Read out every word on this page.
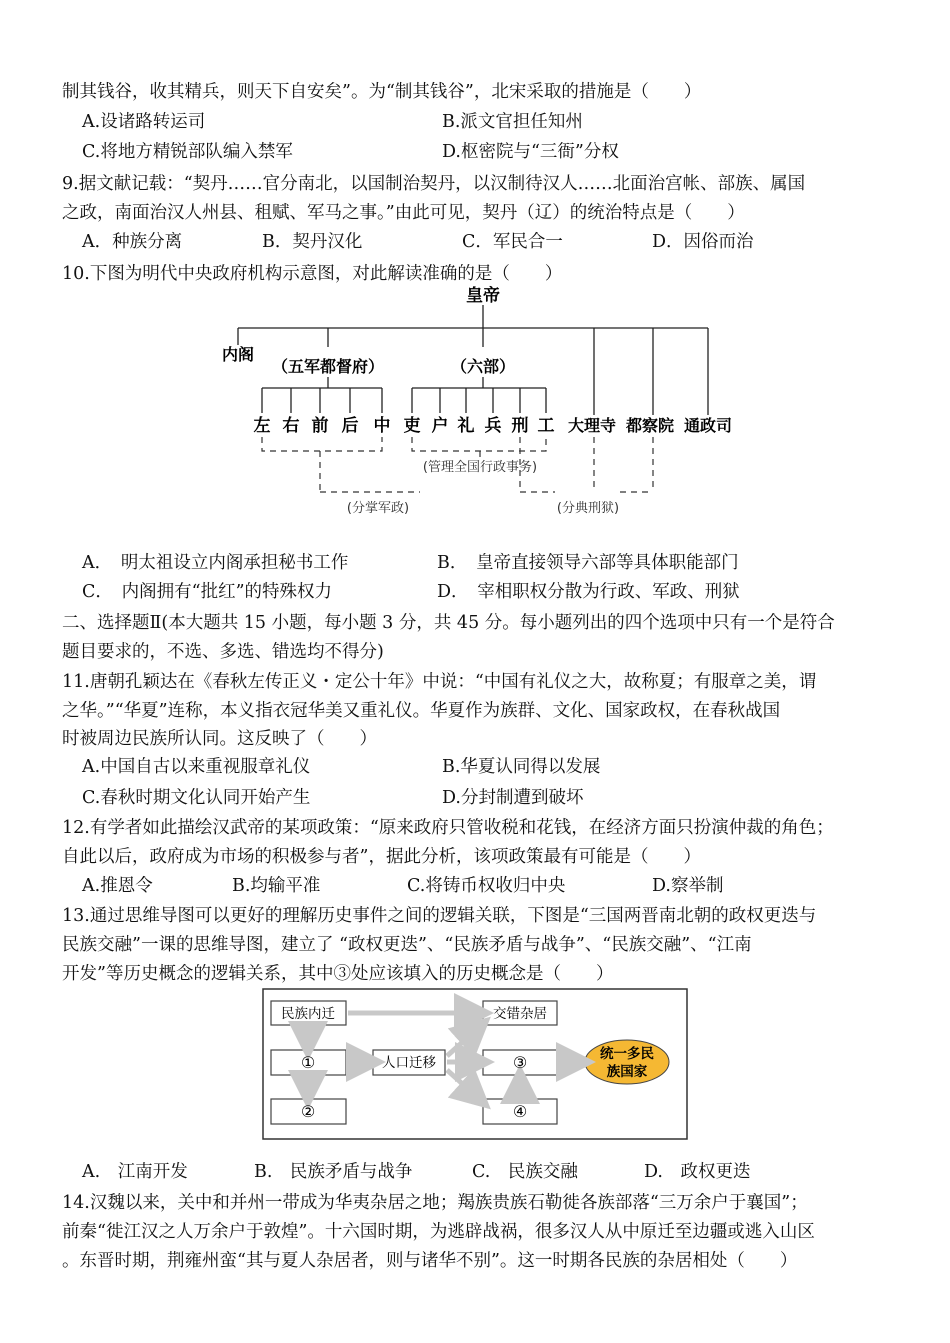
制其钱谷，收其精兵，则天下自安矣”。为“制其钱谷”，北宋采取的措施是（　　）
A.设诸路转运司	B.派文官担任知州
C.将地方精锐部队编入禁军	D.枢密院与“三衙”分权
9.据文献记载：“契丹……官分南北，以国制治契丹，以汉制待汉人……北面治宫帐、部族、属国
之政，南面治汉人州县、租赋、军马之事。”由此可见，契丹（辽）的统治特点是（　　）
A．种族分离	B．契丹汉化	C．军民合一	D．因俗而治
10.下图为明代中央政府机构示意图，对此解读准确的是（　　）
皇帝
内阁
（五军都督府）	（六部）
左 右 前 后 中 吏 户 礼 兵 刑 工 大理寺 都察院 通政司
(管理全国行政事务)
(分掌军政)	(分典刑狱)
A．　明太祖设立内阁承担秘书工作	B．　皇帝直接领导六部等具体职能部门
C．　内阁拥有“批红”的特殊权力	D．　宰相职权分散为行政、军政、刑狱
二、选择题Ⅱ(本大题共 15 小题，每小题 3 分，共 45 分。每小题列出的四个选项中只有一个是符合
题目要求的，不选、多选、错选均不得分)
11.唐朝孔颖达在《春秋左传正义・定公十年》中说：“中国有礼仪之大，故称夏；有服章之美，谓
之华。”“华夏”连称，本义指衣冠华美又重礼仪。华夏作为族群、文化、国家政权，在春秋战国
时被周边民族所认同。这反映了（　　）
A.中国自古以来重视服章礼仪	B.华夏认同得以发展
C.春秋时期文化认同开始产生	D.分封制遭到破坏
12.有学者如此描绘汉武帝的某项政策：“原来政府只管收税和花钱，在经济方面只扮演仲裁的角色；
自此以后，政府成为市场的积极参与者”，据此分析，该项政策最有可能是（　　）
A.推恩令	B.均输平准	C.将铸币权收归中央	D.察举制
13.通过思维导图可以更好的理解历史事件之间的逻辑关联，下图是“三国两晋南北朝的政权更迭与
民族交融”一课的思维导图，建立了 “政权更迭”、“民族矛盾与战争”、“民族交融”、“江南
开发”等历史概念的逻辑关系，其中③处应该填入的历史概念是（　　）
民族内迁
①
②
人口迁移
交错杂居
③
④
统一多民
族国家
A.　江南开发	B.　民族矛盾与战争	C.　民族交融	D.　政权更迭
14.汉魏以来，关中和并州一带成为华夷杂居之地；羯族贵族石勒徙各族部落“三万余户于襄国”；
前秦“徙江汉之人万余户于敦煌”。十六国时期，为逃辟战祸，很多汉人从中原迁至边疆或逃入山区
。东晋时期，荆雍州蛮“其与夏人杂居者，则与诸华不别”。这一时期各民族的杂居相处（　　）
